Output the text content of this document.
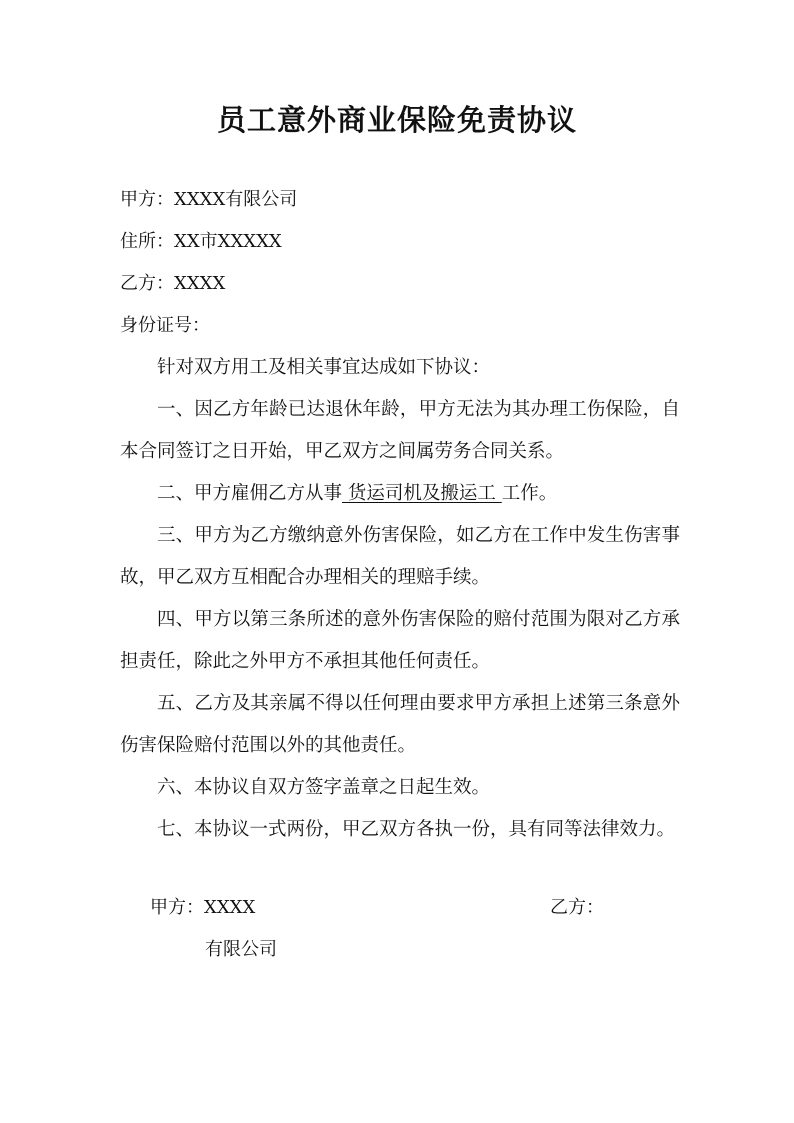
员工意外商业保险免责协议
甲方：XXXX有限公司
住所：XX市XXXXX
乙方：XXXX
身份证号：
针对双方用工及相关事宜达成如下协议：
一、因乙方年龄已达退休年龄，甲方无法为其办理工伤保险，自本合同签订之日开始，甲乙双方之间属劳务合同关系。
二、甲方雇佣乙方从事 货运司机及搬运工 工作。
三、甲方为乙方缴纳意外伤害保险，如乙方在工作中发生伤害事故，甲乙双方互相配合办理相关的理赔手续。
四、甲方以第三条所述的意外伤害保险的赔付范围为限对乙方承担责任，除此之外甲方不承担其他任何责任。
五、乙方及其亲属不得以任何理由要求甲方承担上述第三条意外伤害保险赔付范围以外的其他责任。
六、本协议自双方签字盖章之日起生效。
七、本协议一式两份，甲乙双方各执一份，具有同等法律效力。
甲方：XXXX
有限公司
乙方：
